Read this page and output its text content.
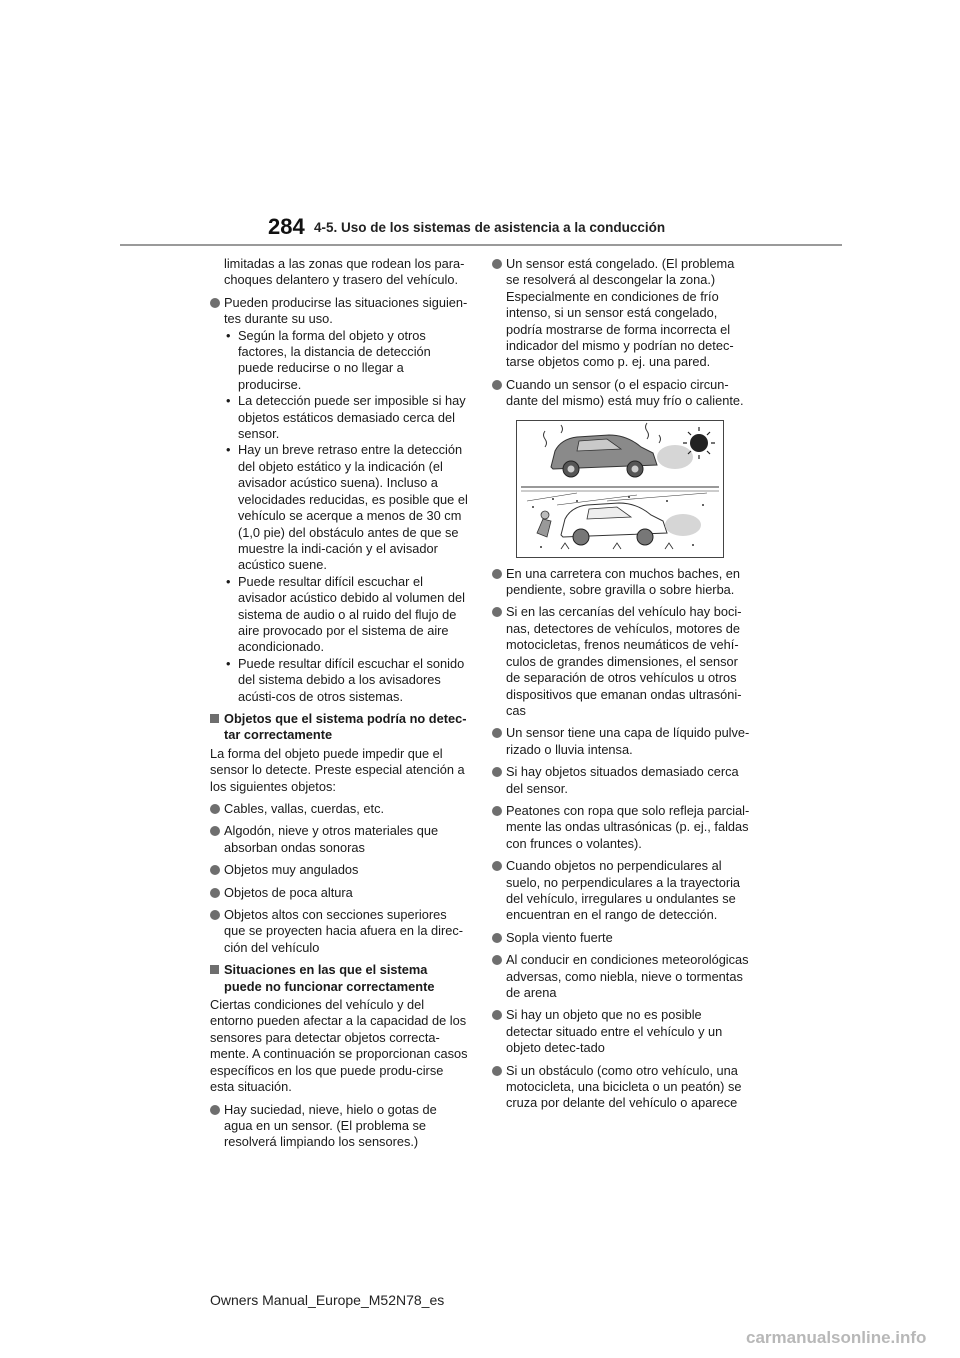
284 4-5. Uso de los sistemas de asistencia a la conducción

limitadas a las zonas que rodean los para-choques delantero y trasero del vehículo.

Pueden producirse las situaciones siguien-tes durante su uso.
• Según la forma del objeto y otros factores, la distancia de detección puede reducirse o no llegar a producirse.
• La detección puede ser imposible si hay objetos estáticos demasiado cerca del sensor.
• Hay un breve retraso entre la detección del objeto estático y la indicación (el avisador acústico suena). Incluso a velocidades reducidas, es posible que el vehículo se acerque a menos de 30 cm (1,0 pie) del obstáculo antes de que se muestre la indi-cación y el avisador acústico suene.
• Puede resultar difícil escuchar el avisador acústico debido al volumen del sistema de audio o al ruido del flujo de aire provocado por el sistema de aire acondicionado.
• Puede resultar difícil escuchar el sonido del sistema debido a los avisadores acústi-cos de otros sistemas.
Objetos que el sistema podría no detec-tar correctamente

La forma del objeto puede impedir que el sensor lo detecte. Preste especial atención a los siguientes objetos:

Cables, vallas, cuerdas, etc.
Algodón, nieve y otros materiales que absorban ondas sonoras
Objetos muy angulados
Objetos de poca altura
Objetos altos con secciones superiores que se proyecten hacia afuera en la direc-ción del vehículo
Situaciones en las que el sistema puede no funcionar correctamente

Ciertas condiciones del vehículo y del entorno pueden afectar a la capacidad de los sensores para detectar objetos correcta-mente. A continuación se proporcionan casos específicos en los que puede produ-cirse esta situación.

Hay suciedad, nieve, hielo o gotas de agua en un sensor. (El problema se resolverá limpiando los sensores.)
Un sensor está congelado. (El problema se resolverá al descongelar la zona.) Especialmente en condiciones de frío intenso, si un sensor está congelado, podría mostrarse de forma incorrecta el indicador del mismo y podrían no detec-tarse objetos como p. ej. una pared.
Cuando un sensor (o el espacio circun-dante del mismo) está muy frío o caliente.
En una carretera con muchos baches, en pendiente, sobre gravilla o sobre hierba.
Si en las cercanías del vehículo hay boci-nas, detectores de vehículos, motores de motocicletas, frenos neumáticos de vehí-culos de grandes dimensiones, el sensor de separación de otros vehículos u otros dispositivos que emanan ondas ultrasóni-cas
Un sensor tiene una capa de líquido pulve-rizado o lluvia intensa.
Si hay objetos situados demasiado cerca del sensor.
Peatones con ropa que solo refleja parcial-mente las ondas ultrasónicas (p. ej., faldas con frunces o volantes).
Cuando objetos no perpendiculares al suelo, no perpendiculares a la trayectoria del vehículo, irregulares u ondulantes se encuentran en el rango de detección.
Sopla viento fuerte
Al conducir en condiciones meteorológicas adversas, como niebla, nieve o tormentas de arena
Si hay un objeto que no es posible detectar situado entre el vehículo y un objeto detec-tado
Si un obstáculo (como otro vehículo, una motocicleta, una bicicleta o un peatón) se cruza por delante del vehículo o aparece
Owners Manual_Europe_M52N78_es
carmanualsonline.info
